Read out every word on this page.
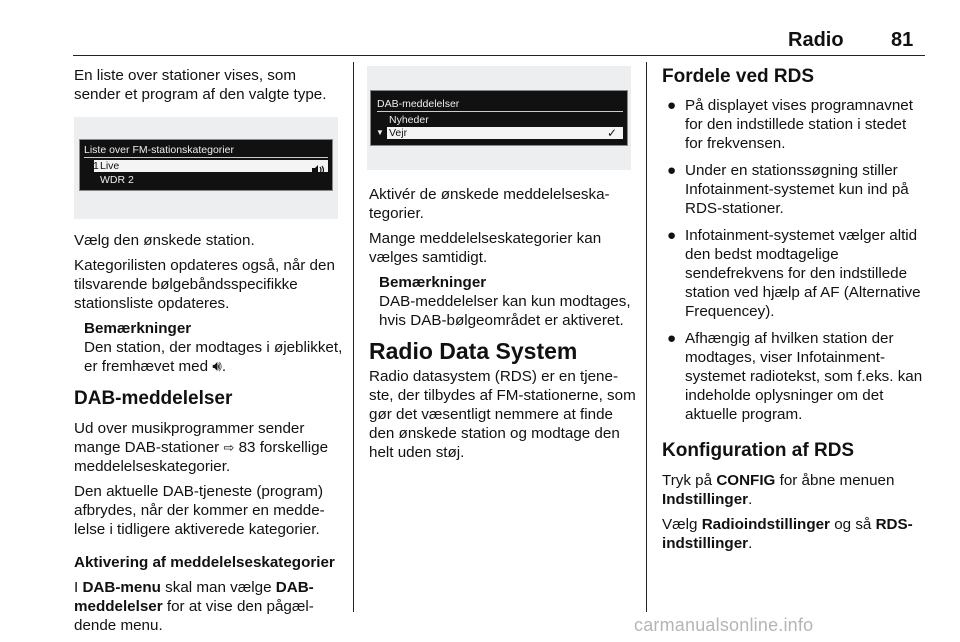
Radio 81

En liste over stationer vises, som sender et program af den valgte type.

Liste over FM-stationskategorier
1 Live
WDR 2

Vælg den ønskede station.

Kategorilisten opdateres også, når den tilsvarende bølgebåndsspecifikke stationsliste opdateres.

Bemærkninger

Den station, der modtages i øjeblikket, er fremhævet med 🔊︎.

DAB-meddelelser

Ud over musikprogrammer sender mange DAB-stationer ⇨ 83 forskellige meddelelseskategorier.

Den aktuelle DAB-tjeneste (program) afbrydes, når der kommer en meddelelse i tidligere aktiverede kategorier.

Aktivering af meddelelseskategorier

I DAB-menu skal man vælge DAB-meddelelser for at vise den pågældende menu.

DAB-meddelelser
Nyheder
▼ Vejr	✓

Aktivér de ønskede meddelelseskategorier.

Mange meddelelseskategorier kan vælges samtidigt.

Bemærkninger

DAB-meddelelser kan kun modtages, hvis DAB-bølgeområdet er aktiveret.

Radio Data System

Radio datasystem (RDS) er en tjeneste, der tilbydes af FM-stationerne, som gør det væsentligt nemmere at finde den ønskede station og modtage den helt uden støj.

Fordele ved RDS
● På displayet vises programnavnet for den indstillede station i stedet for frekvensen.
● Under en stationssøgning stiller Infotainment-systemet kun ind på RDS-stationer.
● Infotainment-systemet vælger altid den bedst modtagelige sendefrekvens for den indstillede station ved hjælp af AF (Alternative Frequencey).
● Afhængig af hvilken station der modtages, viser Infotainment-systemet radiotekst, som f.eks. kan indeholde oplysninger om det aktuelle program.
Konfiguration af RDS

Tryk på CONFIG for åbne menuen Indstillinger.

Vælg Radioindstillinger og så RDS-indstillinger.

carmanualsonline.info
